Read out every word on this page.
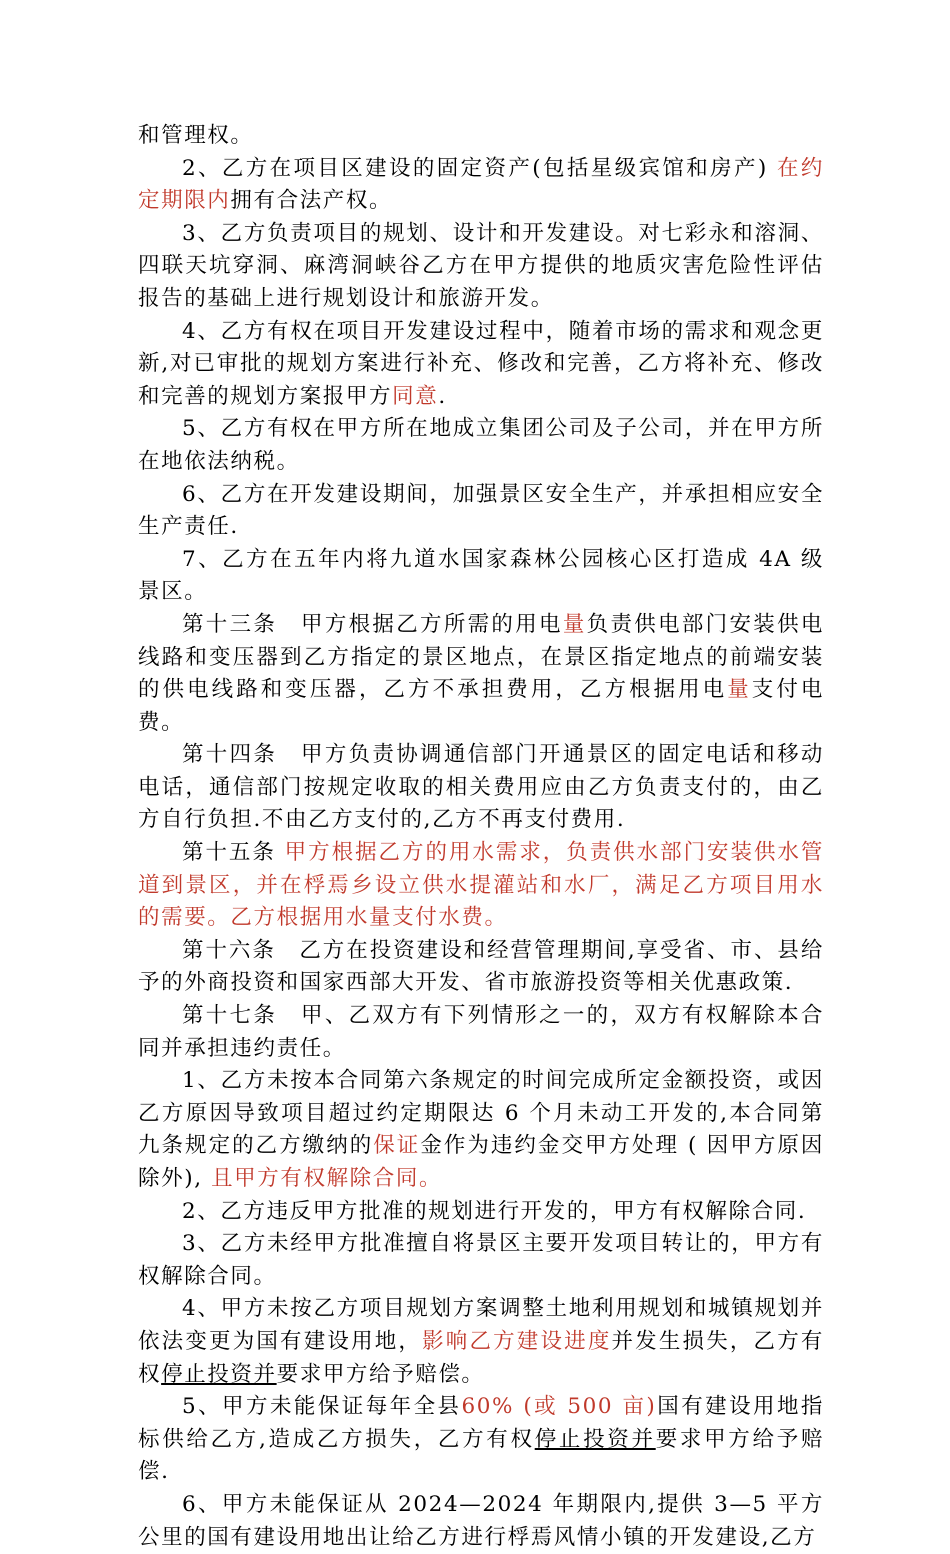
和管理权。

2、乙方在项目区建设的固定资产(包括星级宾馆和房产) 在约定期限内拥有合法产权。

3、乙方负责项目的规划、设计和开发建设。对七彩永和溶洞、四联天坑穿洞、麻湾洞峡谷乙方在甲方提供的地质灾害危险性评估报告的基础上进行规划设计和旅游开发。

4、乙方有权在项目开发建设过程中，随着市场的需求和观念更新,对已审批的规划方案进行补充、修改和完善，乙方将补充、修改和完善的规划方案报甲方同意.

5、乙方有权在甲方所在地成立集团公司及子公司，并在甲方所在地依法纳税。

6、乙方在开发建设期间，加强景区安全生产，并承担相应安全生产责任.

7、乙方在五年内将九道水国家森林公园核心区打造成 4A 级景区。

第十三条　甲方根据乙方所需的用电量负责供电部门安装供电线路和变压器到乙方指定的景区地点，在景区指定地点的前端安装的供电线路和变压器，乙方不承担费用，乙方根据用电量支付电费。

第十四条　甲方负责协调通信部门开通景区的固定电话和移动电话，通信部门按规定收取的相关费用应由乙方负责支付的，由乙方自行负担.不由乙方支付的,乙方不再支付费用.

第十五条 甲方根据乙方的用水需求，负责供水部门安装供水管道到景区，并在桴焉乡设立供水提灌站和水厂，满足乙方项目用水的需要。乙方根据用水量支付水费。

第十六条　乙方在投资建设和经营管理期间,享受省、市、县给予的外商投资和国家西部大开发、省市旅游投资等相关优惠政策.

第十七条　甲、乙双方有下列情形之一的，双方有权解除本合同并承担违约责任。

1、乙方未按本合同第六条规定的时间完成所定金额投资，或因乙方原因导致项目超过约定期限达 6 个月未动工开发的,本合同第九条规定的乙方缴纳的保证金作为违约金交甲方处理 ( 因甲方原因除外), 且甲方有权解除合同。

2、乙方违反甲方批准的规划进行开发的，甲方有权解除合同.

3、乙方未经甲方批准擅自将景区主要开发项目转让的，甲方有权解除合同。

4、甲方未按乙方项目规划方案调整土地利用规划和城镇规划并依法变更为国有建设用地，影响乙方建设进度并发生损失，乙方有权停止投资并要求甲方给予赔偿。

5、甲方未能保证每年全县60% (或 500 亩)国有建设用地指标供给乙方,造成乙方损失，乙方有权停止投资并要求甲方给予赔偿.

6、甲方未能保证从 2024—2024 年期限内,提供 3—5 平方公里的国有建设用地出让给乙方进行桴焉风情小镇的开发建设,乙方
